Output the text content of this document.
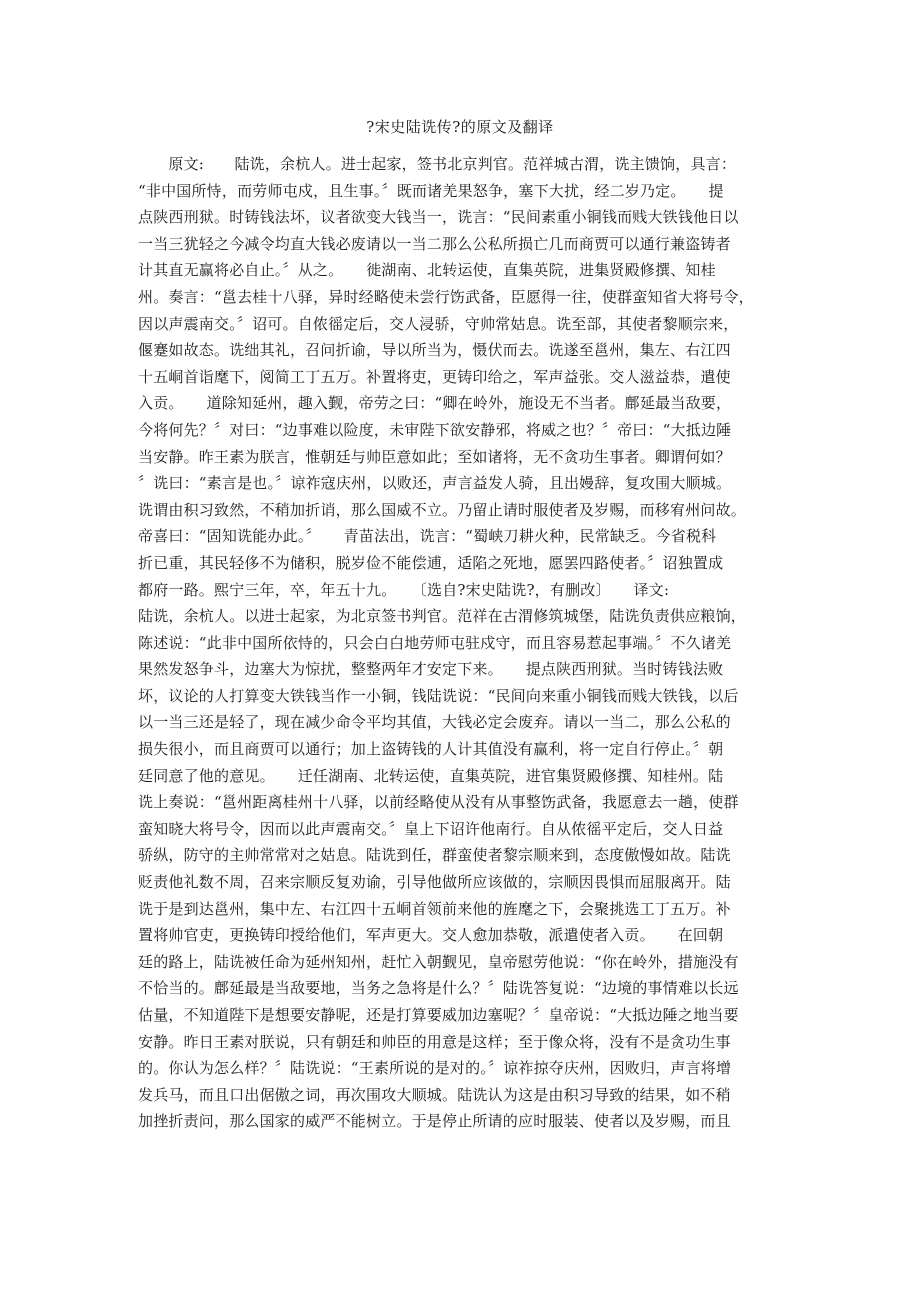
?宋史陆诜传?的原文及翻译
　　原文:　　陆诜，余杭人。进士起家，签书北京判官。范祥城古渭，诜主馈饷，具言：
“非中国所恃，而劳师屯戍，且生事。〞既而诸羌果怒争，塞下大扰，经二岁乃定。　　提
点陕西刑狱。时铸钱法坏，议者欲变大钱当一，诜言：“民间素重小铜钱而贱大铁钱他日以
一当三犹轻之今减令均直大钱必废请以一当二那么公私所损亡几而商贾可以通行兼盗铸者
计其直无赢将必自止。〞从之。　　徙湖南、北转运使，直集英院，进集贤殿修撰、知桂
州。奏言：“邕去桂十八驿，异时经略使未尝行饬武备，臣愿得一往，使群蛮知省大将号令，
因以声震南交。〞诏可。自侬徭定后，交人浸骄，守帅常姑息。诜至部，其使者黎顺宗来，
偃蹇如故态。诜绌其礼，召问折谕，导以所当为，慑伏而去。诜遂至邕州，集左、右江四
十五峒首诣麾下，阅简工丁五万。补置将吏，更铸印给之，军声益张。交人滋益恭，遣使
入贡。　　道除知延州，趣入觐，帝劳之曰：“卿在岭外，施设无不当者。鄜延最当敌要，
今将何先？〞对曰：“边事难以险度，未审陛下欲安静邪，将威之也？〞帝曰：“大抵边陲
当安静。昨王素为朕言，惟朝廷与帅臣意如此；至如诸将，无不贪功生事者。卿谓何如？
〞诜曰：“素言是也。〞谅祚寇庆州，以败还，声言益发人骑，且出嫚辞，复攻围大顺城。
诜谓由积习致然，不稍加折诮，那么国威不立。乃留止请时服使者及岁赐，而移宥州问故。
帝喜曰：“固知诜能办此。〞　　青苗法出，诜言：“蜀峡刀耕火种，民常缺乏。今省税科
折已重，其民轻侈不为储积，脱岁俭不能偿逋，适陷之死地，愿罢四路使者。〞诏独置成
都府一路。熙宁三年，卒，年五十九。　　〔选自?宋史陆诜?，有删改〕　　译文:
陆诜，余杭人。以进士起家，为北京签书判官。范祥在古渭修筑城堡，陆诜负责供应粮饷，
陈述说：“此非中国所依恃的，只会白白地劳师屯驻戍守，而且容易惹起事端。〞不久诸羌
果然发怒争斗，边塞大为惊扰，整整两年才安定下来。　　提点陕西刑狱。当时铸钱法败
坏，议论的人打算变大铁钱当作一小铜，钱陆诜说：“民间向来重小铜钱而贱大铁钱，以后
以一当三还是轻了，现在减少命令平均其值，大钱必定会废弃。请以一当二，那么公私的
损失很小，而且商贾可以通行；加上盗铸钱的人计其值没有赢利，将一定自行停止。〞朝
廷同意了他的意见。　　迁任湖南、北转运使，直集英院，进官集贤殿修撰、知桂州。陆
诜上奏说：“邕州距离桂州十八驿，以前经略使从没有从事整饬武备，我愿意去一趟，使群
蛮知晓大将号令，因而以此声震南交。〞皇上下诏许他南行。自从侬徭平定后，交人日益
骄纵，防守的主帅常常对之姑息。陆诜到任，群蛮使者黎宗顺来到，态度傲慢如故。陆诜
贬责他礼数不周，召来宗顺反复劝谕，引导他做所应该做的，宗顺因畏惧而屈服离开。陆
诜于是到达邕州，集中左、右江四十五峒首领前来他的旌麾之下，会聚挑选工丁五万。补
置将帅官吏，更换铸印授给他们，军声更大。交人愈加恭敬，派遣使者入贡。　　在回朝
廷的路上，陆诜被任命为延州知州，赶忙入朝觐见，皇帝慰劳他说：“你在岭外，措施没有
不恰当的。鄜延最是当敌要地，当务之急将是什么？〞陆诜答复说：“边境的事情难以长远
估量，不知道陛下是想要安静呢，还是打算要威加边塞呢？〞皇帝说：“大抵边陲之地当要
安静。昨日王素对朕说，只有朝廷和帅臣的用意是这样；至于像众将，没有不是贪功生事
的。你认为怎么样？〞陆诜说：“王素所说的是对的。〞谅祚掠夺庆州，因败归，声言将增
发兵马，而且口出倨傲之词，再次围攻大顺城。陆诜认为这是由积习导致的结果，如不稍
加挫折责问，那么国家的威严不能树立。于是停止所请的应时服装、使者以及岁赐，而且
